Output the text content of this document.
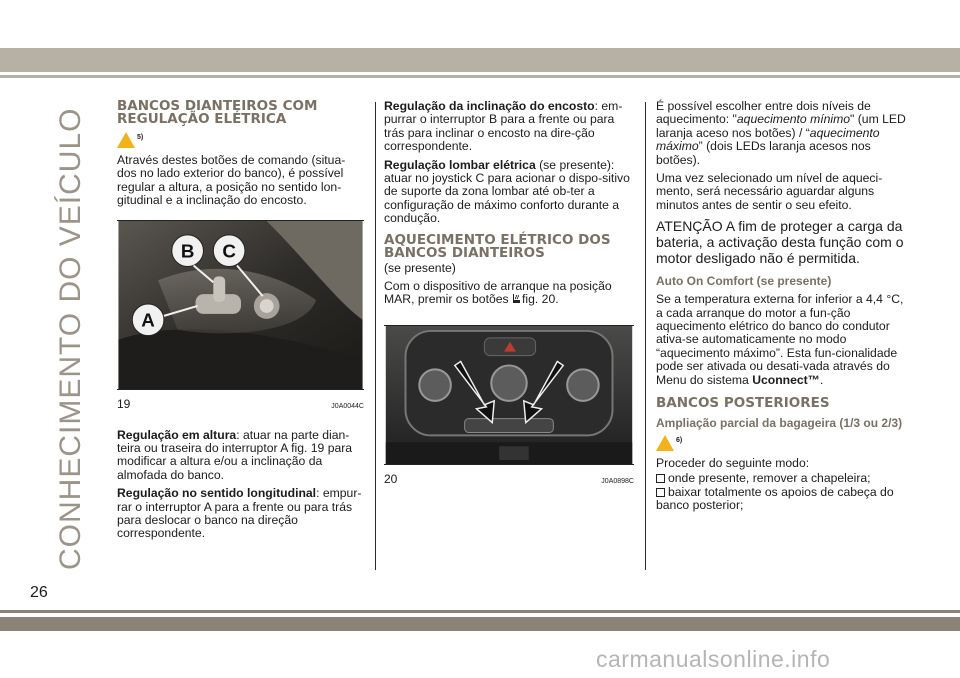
CONHECIMENTO DO VEÍCULO
BANCOS DIANTEIROS COM REGULAÇÃO ELÉTRICA
5)

Através destes botões de comando (situa-dos no lado exterior do banco), é possível regular a altura, a posição no sentido lon-gitudinal e a inclinação do encosto.

B C
A
19	J0A0044C

Regulação em altura: atuar na parte dian-teira ou traseira do interruptor A fig. 19 para modificar a altura e/ou a inclinação da almofada do banco.

Regulação no sentido longitudinal: empur-rar o interruptor A para a frente ou para trás para deslocar o banco na direção correspondente.

Regulação da inclinação do encosto: em-purrar o interruptor B para a frente ou para trás para inclinar o encosto na dire-ção correspondente.

Regulação lombar elétrica (se presente): atuar no joystick C para acionar o dispo-sitivo de suporte da zona lombar até ob-ter a configuração de máximo conforto durante a condução.

AQUECIMENTO ELÉTRICO DOS BANCOS DIANTEIROS

(se presente)

Com o dispositivo de arranque na posição MAR, premir os botões fig. 20.

20	J0A0898C

É possível escolher entre dois níveis de aquecimento: "aquecimento mínimo" (um LED laranja aceso nos botões) / “aquecimento máximo” (dois LEDs laranja acesos nos botões).

Uma vez selecionado um nível de aqueci-mento, será necessário aguardar alguns minutos antes de sentir o seu efeito.

ATENÇÃO A fim de proteger a carga da bateria, a activação desta função com o motor desligado não é permitida.

Auto On Comfort (se presente)

Se a temperatura externa for inferior a 4,4 °C, a cada arranque do motor a fun-ção aquecimento elétrico do banco do condutor ativa-se automaticamente no modo “aquecimento máximo”. Esta fun-cionalidade pode ser ativada ou desati-vada através do Menu do sistema Uconnect™.

BANCOS POSTERIORES
Ampliação parcial da bagageira (1/3 ou 2/3)
6)

Proceder do seguinte modo:

onde presente, remover a chapeleira;

baixar totalmente os apoios de cabeça do banco posterior;

26
carmanualsonline.info
